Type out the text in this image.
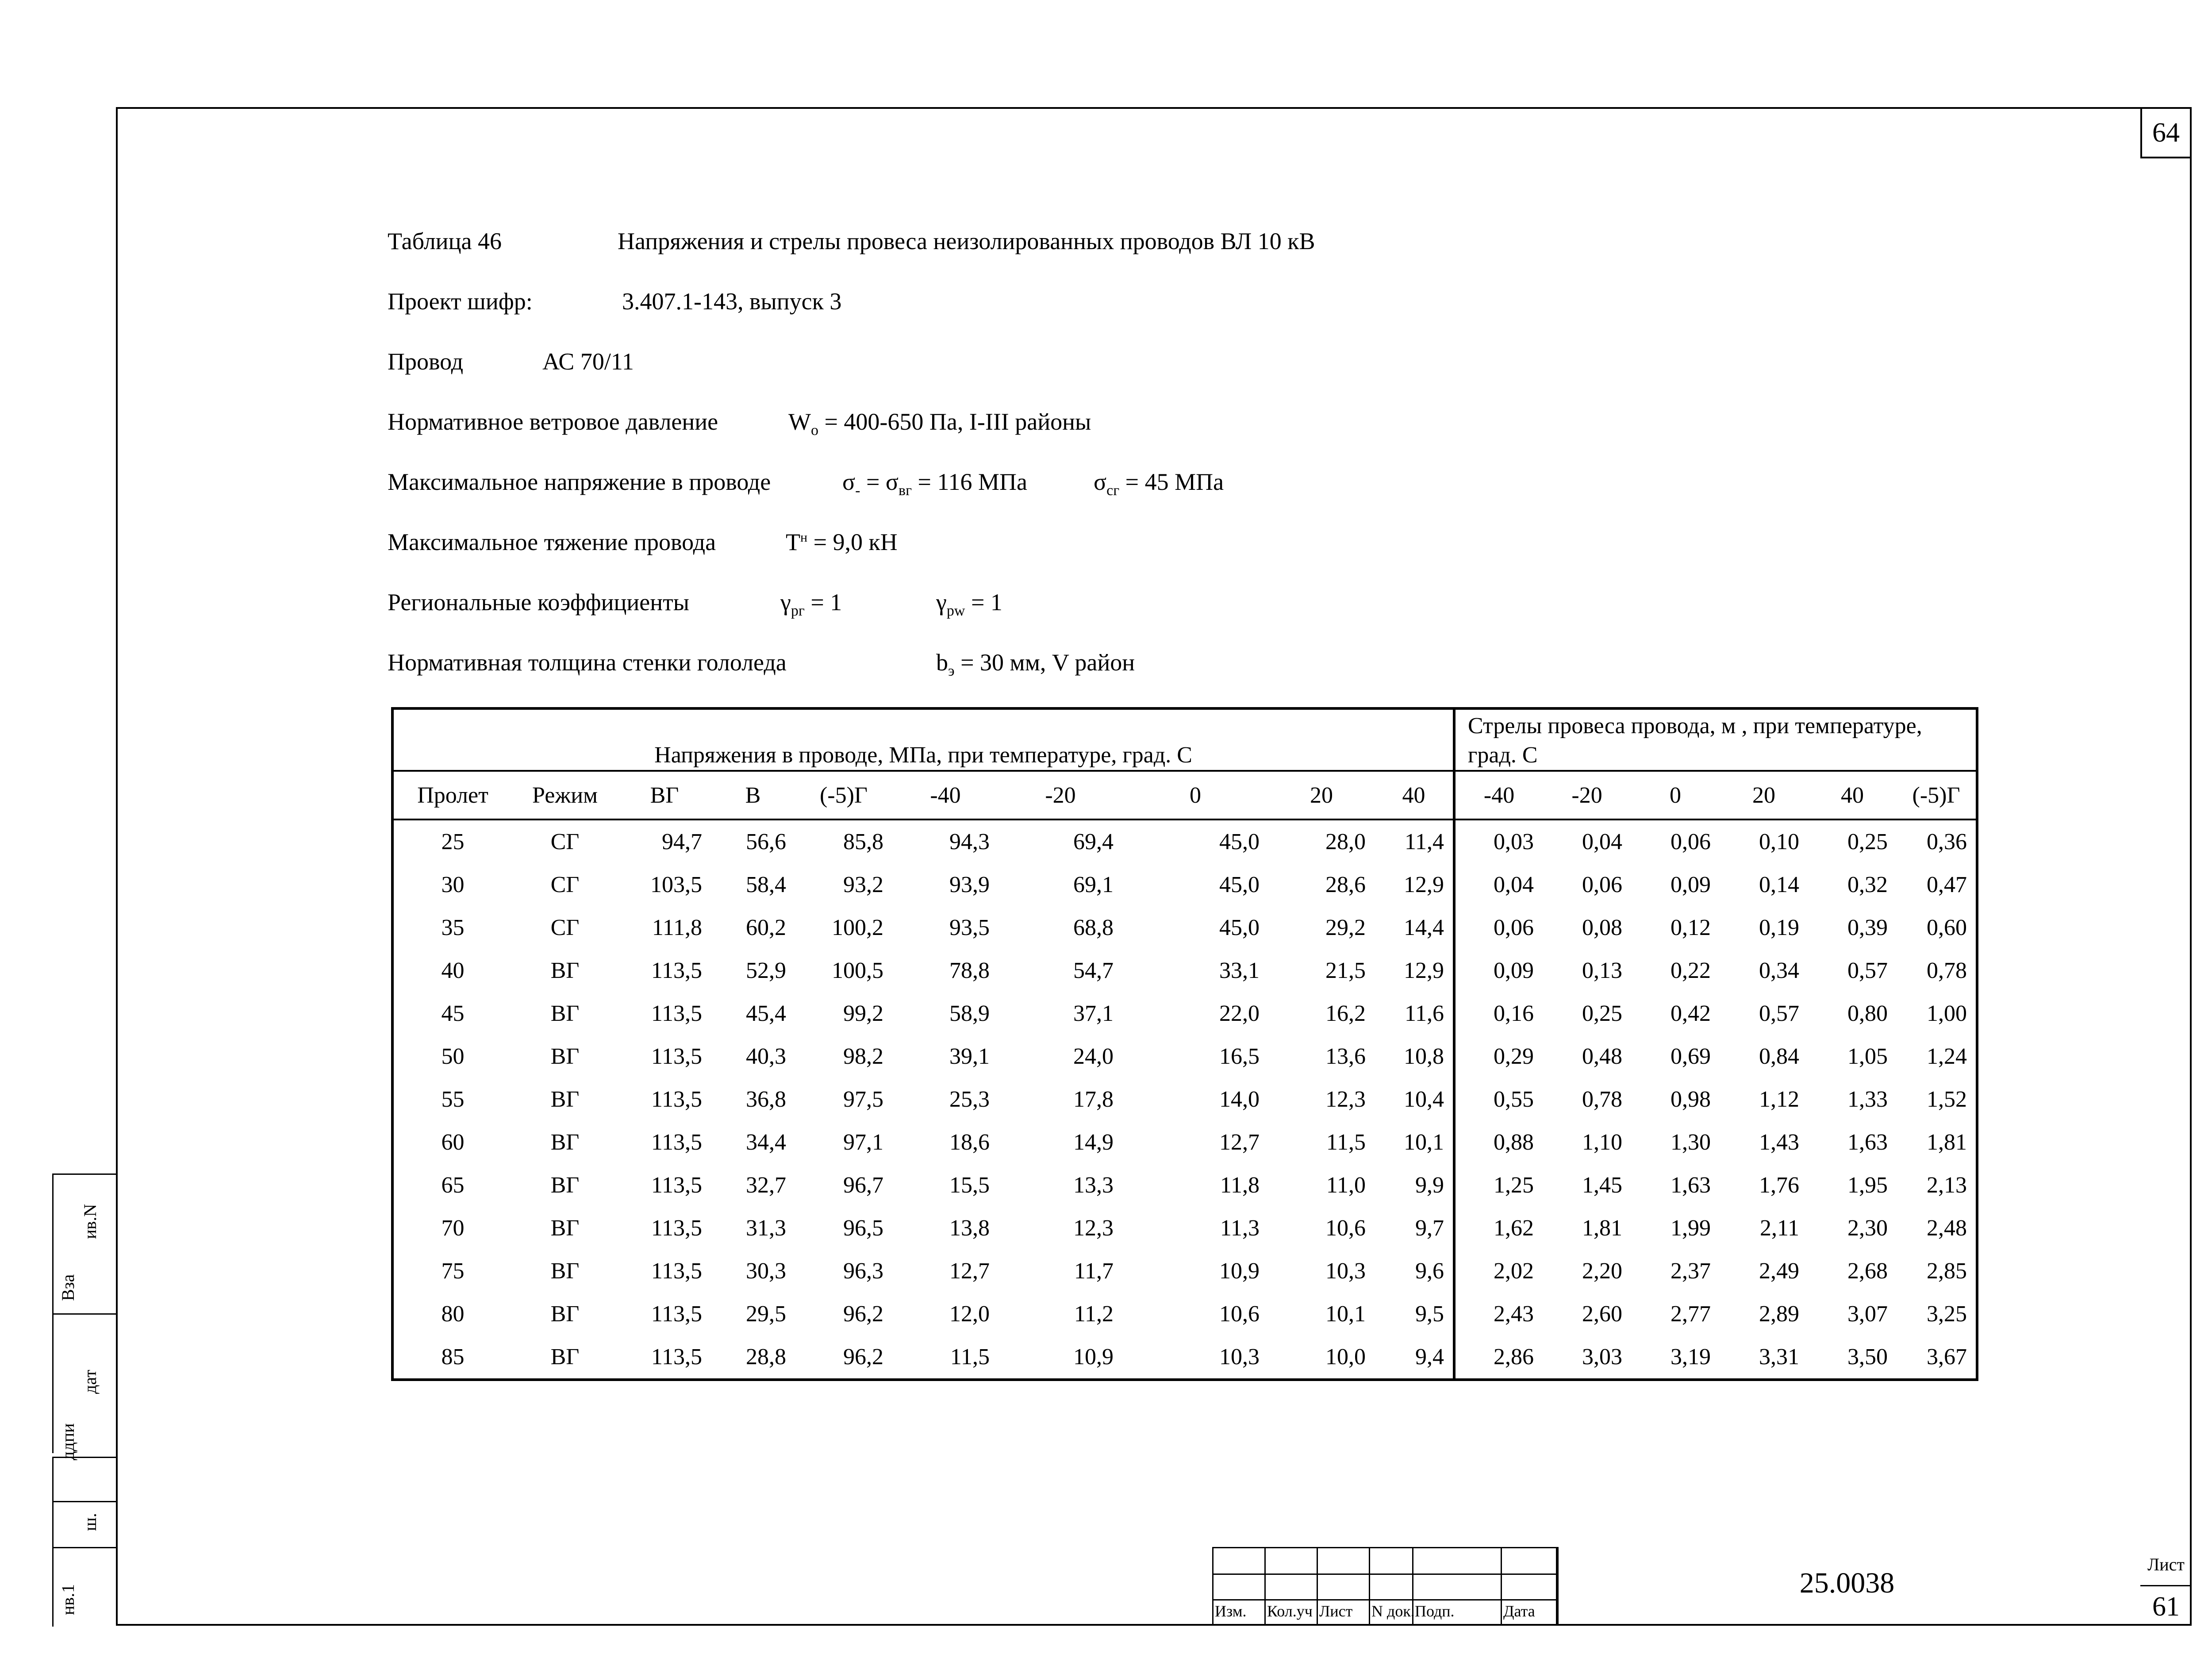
64
Таблица 46	Напряжения и стрелы провеса неизолированных проводов ВЛ 10 кВ
Проект шифр:	3.407.1-143, выпуск 3
Провод	АС 70/11
Нормативное ветровое давление	$W_o = 400-650$ Па, I-III районы
Максимальное напряжение в проводе	$\sigma_- = \sigma_{вг} = 116$ МПа	$\sigma_{сг} = 45$ МПа
Максимальное тяжение провода	$T^н = 9,0$ кН
Региональные коэффициенты	$\gamma_{рг} = 1$	$\gamma_{pw} = 1$
Нормативная толщина стенки гололеда	$b_э = 30$ мм, V район
Напряжения в проводе, МПа, при температуре, град. С										Стрелы провеса провода, м , при температуре, град. С					
Пролет	Режим	ВГ	В	(-5)Г	-40	-20	0	20	40	-40	-20	0	20	40	(-5)Г
25	СГ	94,7	56,6	85,8	94,3	69,4	45,0	28,0	11,4	0,03	0,04	0,06	0,10	0,25	0,36
30	СГ	103,5	58,4	93,2	93,9	69,1	45,0	28,6	12,9	0,04	0,06	0,09	0,14	0,32	0,47
35	СГ	111,8	60,2	100,2	93,5	68,8	45,0	29,2	14,4	0,06	0,08	0,12	0,19	0,39	0,60
40	ВГ	113,5	52,9	100,5	78,8	54,7	33,1	21,5	12,9	0,09	0,13	0,22	0,34	0,57	0,78
45	ВГ	113,5	45,4	99,2	58,9	37,1	22,0	16,2	11,6	0,16	0,25	0,42	0,57	0,80	1,00
50	ВГ	113,5	40,3	98,2	39,1	24,0	16,5	13,6	10,8	0,29	0,48	0,69	0,84	1,05	1,24
55	ВГ	113,5	36,8	97,5	25,3	17,8	14,0	12,3	10,4	0,55	0,78	0,98	1,12	1,33	1,52
60	ВГ	113,5	34,4	97,1	18,6	14,9	12,7	11,5	10,1	0,88	1,10	1,30	1,43	1,63	1,81
65	ВГ	113,5	32,7	96,7	15,5	13,3	11,8	11,0	9,9	1,25	1,45	1,63	1,76	1,95	2,13
70	ВГ	113,5	31,3	96,5	13,8	12,3	11,3	10,6	9,7	1,62	1,81	1,99	2,11	2,30	2,48
75	ВГ	113,5	30,3	96,3	12,7	11,7	10,9	10,3	9,6	2,02	2,20	2,37	2,49	2,68	2,85
80	ВГ	113,5	29,5	96,2	12,0	11,2	10,6	10,1	9,5	2,43	2,60	2,77	2,89	3,07	3,25
85	ВГ	113,5	28,8	96,2	11,5	10,9	10,3	10,0	9,4	2,86	3,03	3,19	3,31	3,50	3,67
Изм. Кол.уч Лист N док. Подп.	Дата
25.0038
Лист
61
ив.N
Вза
дат
ддпи
ш.
нв.1
